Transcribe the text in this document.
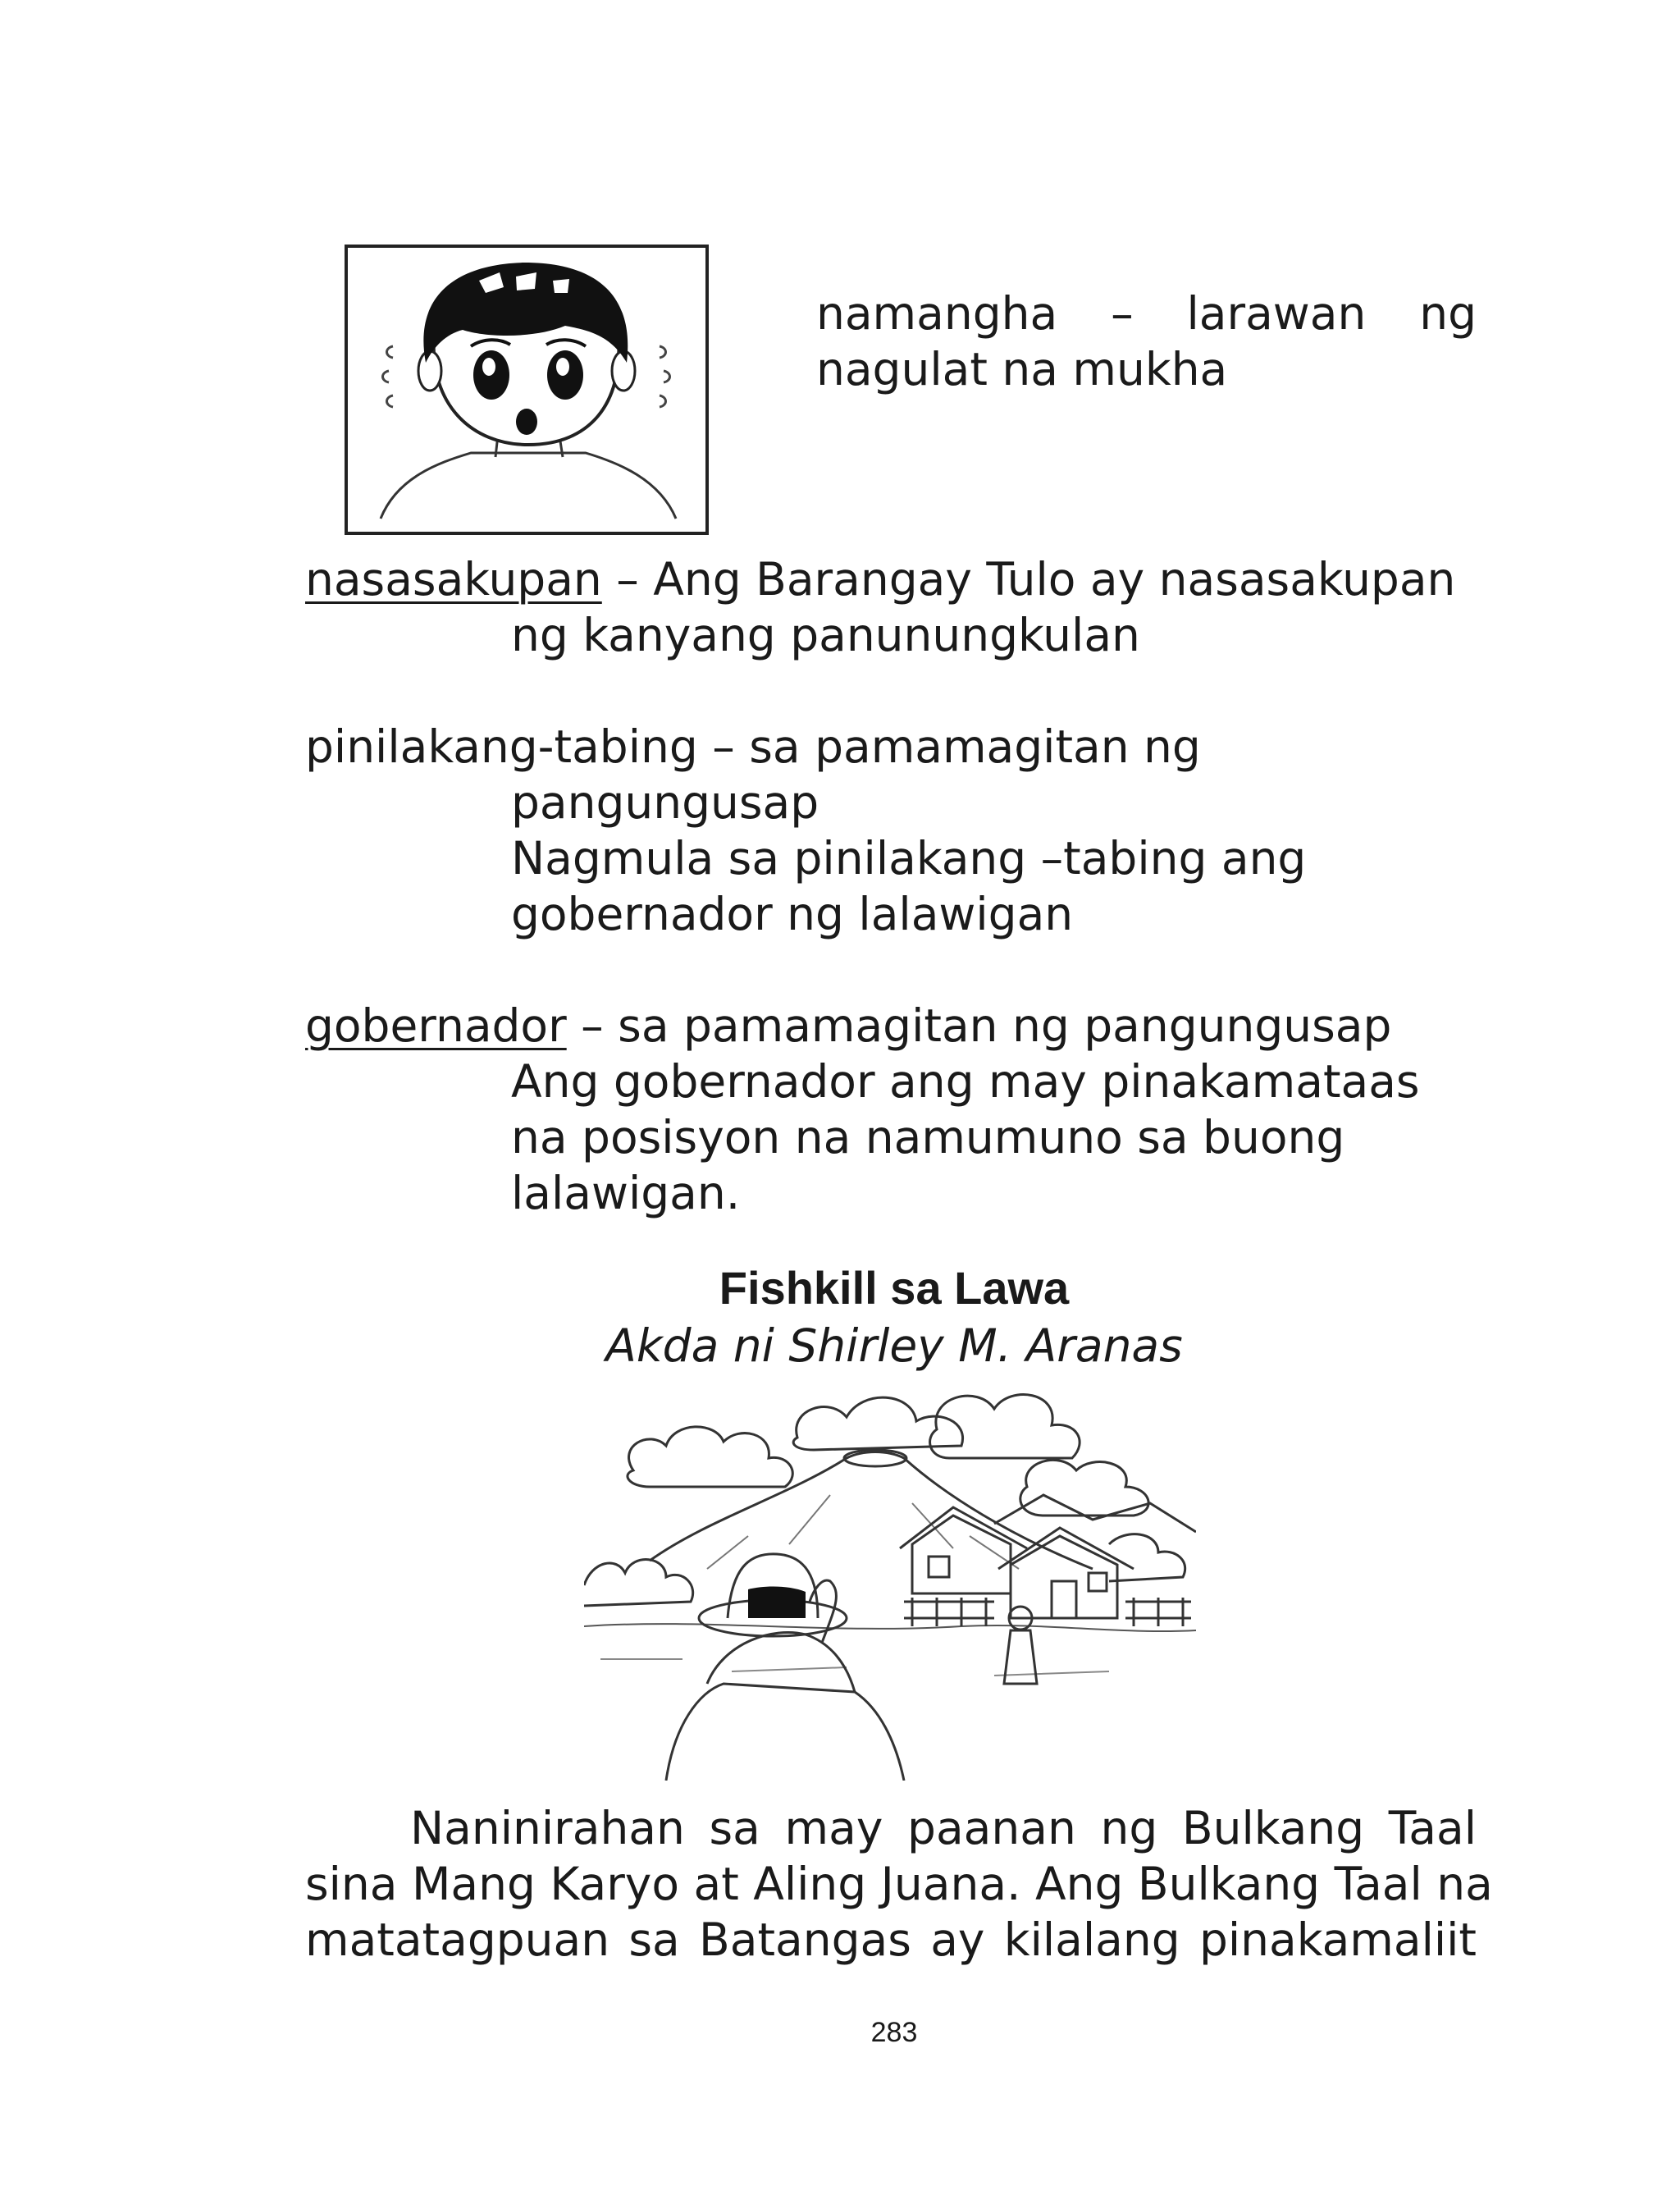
namangha – larawan ng
nagulat na mukha
nasasakupan – Ang Barangay Tulo ay nasasakupan
ng kanyang panunungkulan
pinilakang-tabing – sa pamamagitan ng
pangungusap
Nagmula sa pinilakang –tabing ang
gobernador ng lalawigan
gobernador – sa pamamagitan ng pangungusap
Ang gobernador ang may pinakamataas
na posisyon na namumuno sa buong
lalawigan.
Fishkill sa Lawa
Akda ni Shirley M. Aranas
Naninirahan sa may paanan ng Bulkang Taal
sina Mang Karyo at Aling Juana. Ang Bulkang Taal na
matatagpuan sa Batangas ay kilalang pinakamaliit
283
